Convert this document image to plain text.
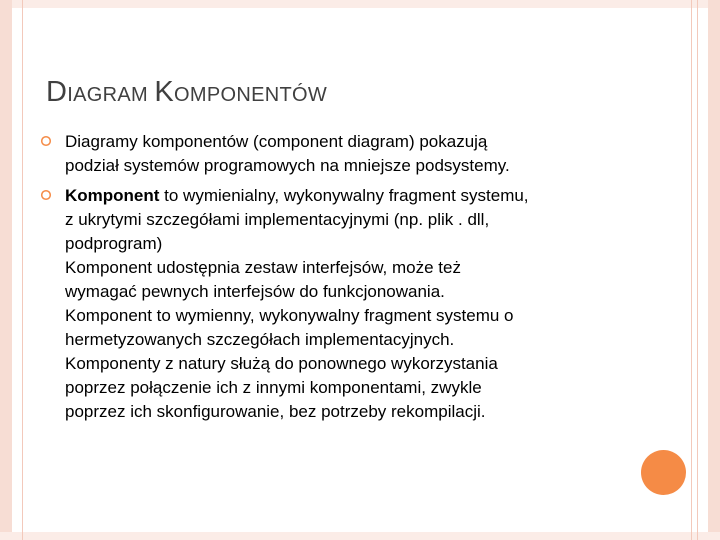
DIAGRAM KOMPONENTÓW
Diagramy komponentów (component diagram) pokazują
podział systemów programowych na mniejsze podsystemy.
Komponent to wymienialny, wykonywalny fragment systemu,
z ukrytymi szczegółami implementacyjnymi (np. plik . dll,
podprogram)
Komponent udostępnia zestaw interfejsów, może też
wymagać pewnych interfejsów do funkcjonowania.
Komponent to wymienny, wykonywalny fragment systemu o
hermetyzowanych szczegółach implementacyjnych.
Komponenty z natury służą do ponownego wykorzystania
poprzez połączenie ich z innymi komponentami, zwykle
poprzez ich skonfigurowanie, bez potrzeby rekompilacji.
